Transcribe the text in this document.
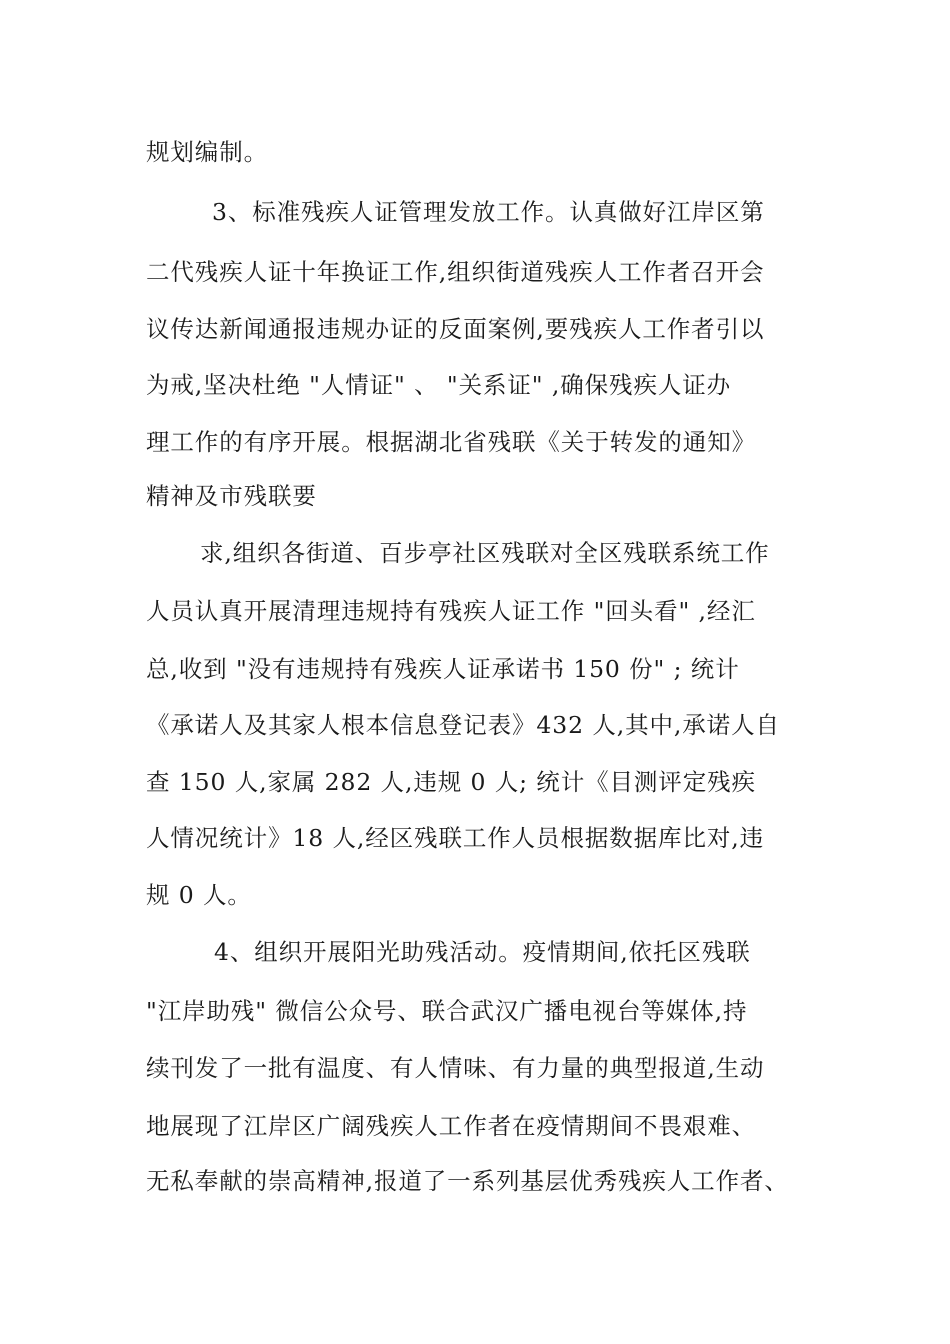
规划编制。
3、标准残疾人证管理发放工作。认真做好江岸区第
二代残疾人证十年换证工作,组织街道残疾人工作者召开会
议传达新闻通报违规办证的反面案例,要残疾人工作者引以
为戒,坚决杜绝 "人情证" 、 "关系证" ,确保残疾人证办
理工作的有序开展。根据湖北省残联《关于转发的通知》
精神及市残联要
求,组织各街道、百步亭社区残联对全区残联系统工作
人员认真开展清理违规持有残疾人证工作 "回头看" ,经汇
总,收到 "没有违规持有残疾人证承诺书 150 份" ; 统计
《承诺人及其家人根本信息登记表》432 人,其中,承诺人自
查 150 人,家属 282 人,违规 0 人; 统计《目测评定残疾
人情况统计》18 人,经区残联工作人员根据数据库比对,违
规 0 人。
4、组织开展阳光助残活动。疫情期间,依托区残联
"江岸助残" 微信公众号、联合武汉广播电视台等媒体,持
续刊发了一批有温度、有人情味、有力量的典型报道,生动
地展现了江岸区广阔残疾人工作者在疫情期间不畏艰难、
无私奉献的崇高精神,报道了一系列基层优秀残疾人工作者、
